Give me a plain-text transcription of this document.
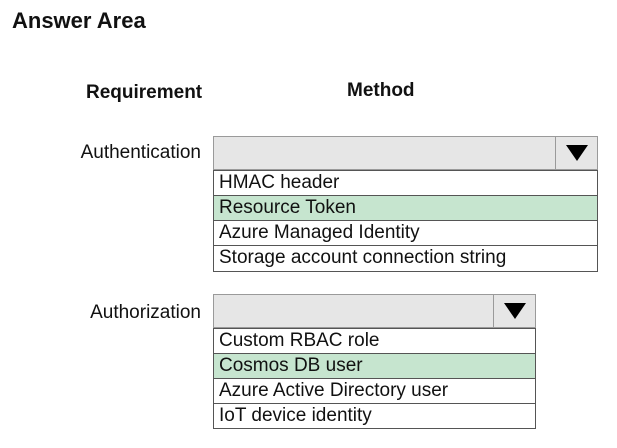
Answer Area
Requirement	Method
Authentication
HMAC header
Resource Token
Azure Managed Identity
Storage account connection string
Authorization
Custom RBAC role
Cosmos DB user
Azure Active Directory user
IoT device identity
